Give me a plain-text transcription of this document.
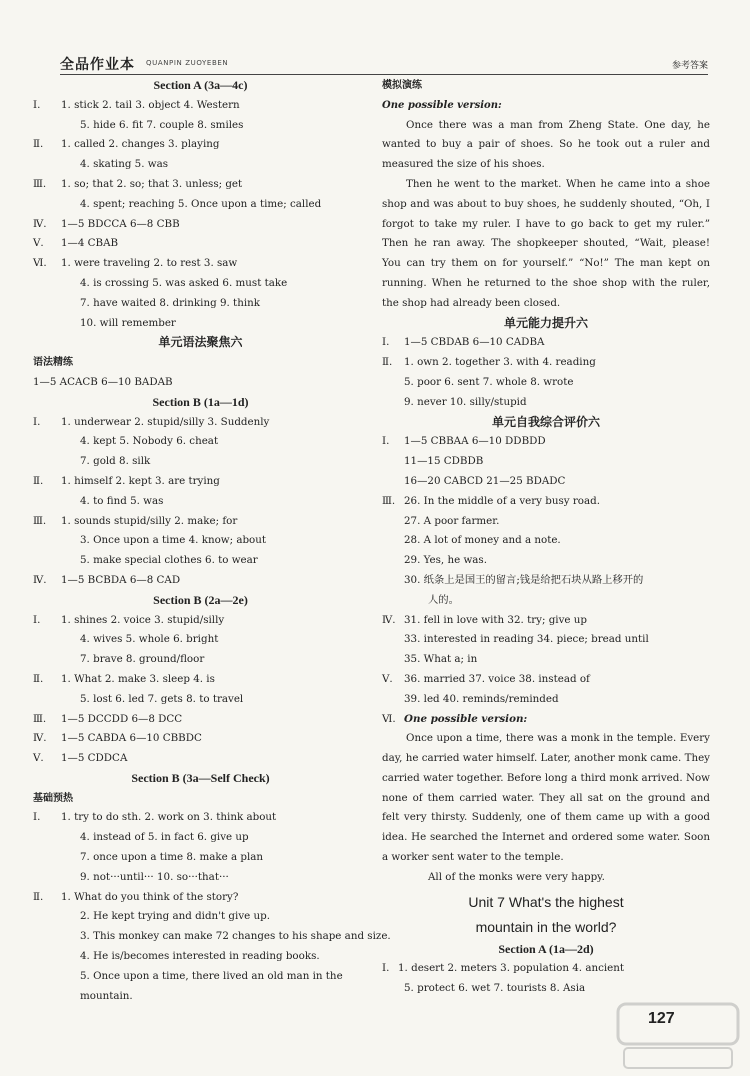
全品作业本 QUANPIN ZUOYEBEN	参考答案
Section A (3a—4c)
Ⅰ. 1. stick 2. tail 3. object 4. Western
5. hide 6. fit 7. couple 8. smiles
Ⅱ. 1. called 2. changes 3. playing
4. skating 5. was
Ⅲ. 1. so; that 2. so; that 3. unless; get
4. spent; reaching 5. Once upon a time; called
Ⅳ. 1—5 BDCCA 6—8 CBB
Ⅴ. 1—4 CBAB
Ⅵ. 1. were traveling 2. to rest 3. saw
4. is crossing 5. was asked 6. must take
7. have waited 8. drinking 9. think
10. will remember
单元语法聚焦六
语法精练
1—5 ACACB 6—10 BADAB
Section B (1a—1d)
Ⅰ. 1. underwear 2. stupid/silly 3. Suddenly
4. kept 5. Nobody 6. cheat
7. gold 8. silk
Ⅱ. 1. himself 2. kept 3. are trying
4. to find 5. was
Ⅲ. 1. sounds stupid/silly 2. make; for
3. Once upon a time 4. know; about
5. make special clothes 6. to wear
Ⅳ. 1—5 BCBDA 6—8 CAD
Section B (2a—2e)
Ⅰ. 1. shines 2. voice 3. stupid/silly
4. wives 5. whole 6. bright
7. brave 8. ground/floor
Ⅱ. 1. What 2. make 3. sleep 4. is
5. lost 6. led 7. gets 8. to travel
Ⅲ. 1—5 DCCDD 6—8 DCC
Ⅳ. 1—5 CABDA 6—10 CBBDC
Ⅴ. 1—5 CDDCA
Section B (3a—Self Check)
基础预热
Ⅰ. 1. try to do sth. 2. work on 3. think about
4. instead of 5. in fact 6. give up
7. once upon a time 8. make a plan
9. not···until··· 10. so···that···
Ⅱ. 1. What do you think of the story?
2. He kept trying and didn't give up.
3. This monkey can make 72 changes to his shape and size.
4. He is/becomes interested in reading books.
5. Once upon a time, there lived an old man in the
mountain.
模拟演练
One possible version:
Once there was a man from Zheng State. One day, he wanted to buy a pair of shoes. So he took out a ruler and measured the size of his shoes.
Then he went to the market. When he came into a shoe shop and was about to buy shoes, he suddenly shouted, “Oh, I forgot to take my ruler. I have to go back to get my ruler.” Then he ran away. The shopkeeper shouted, “Wait, please! You can try them on for yourself.” “No!” The man kept on running. When he returned to the shoe shop with the ruler, the shop had already been closed.
单元能力提升六
Ⅰ. 1—5 CBDAB 6—10 CADBA
Ⅱ. 1. own 2. together 3. with 4. reading
5. poor 6. sent 7. whole 8. wrote
9. never 10. silly/stupid
单元自我综合评价六
Ⅰ. 1—5 CBBAA 6—10 DDBDD
11—15 CDBDB
16—20 CABCD 21—25 BDADC
Ⅲ. 26. In the middle of a very busy road.
27. A poor farmer.
28. A lot of money and a note.
29. Yes, he was.
30. 纸条上是国王的留言;钱是给把石块从路上移开的
人的。
Ⅳ. 31. fell in love with 32. try; give up
33. interested in reading 34. piece; bread until
35. What a; in
Ⅴ. 36. married 37. voice 38. instead of
39. led 40. reminds/reminded
Ⅵ. One possible version:
Once upon a time, there was a monk in the temple. Every day, he carried water himself. Later, another monk came. They carried water together. Before long a third monk arrived. Now none of them carried water. They all sat on the ground and felt very thirsty. Suddenly, one of them came up with a good idea. He searched the Internet and ordered some water. Soon a worker sent water to the temple.
All of the monks were very happy.
Unit 7 What's the highest
mountain in the world?
Section A (1a—2d)
Ⅰ. 1. desert 2. meters 3. population 4. ancient
5. protect 6. wet 7. tourists 8. Asia
127
